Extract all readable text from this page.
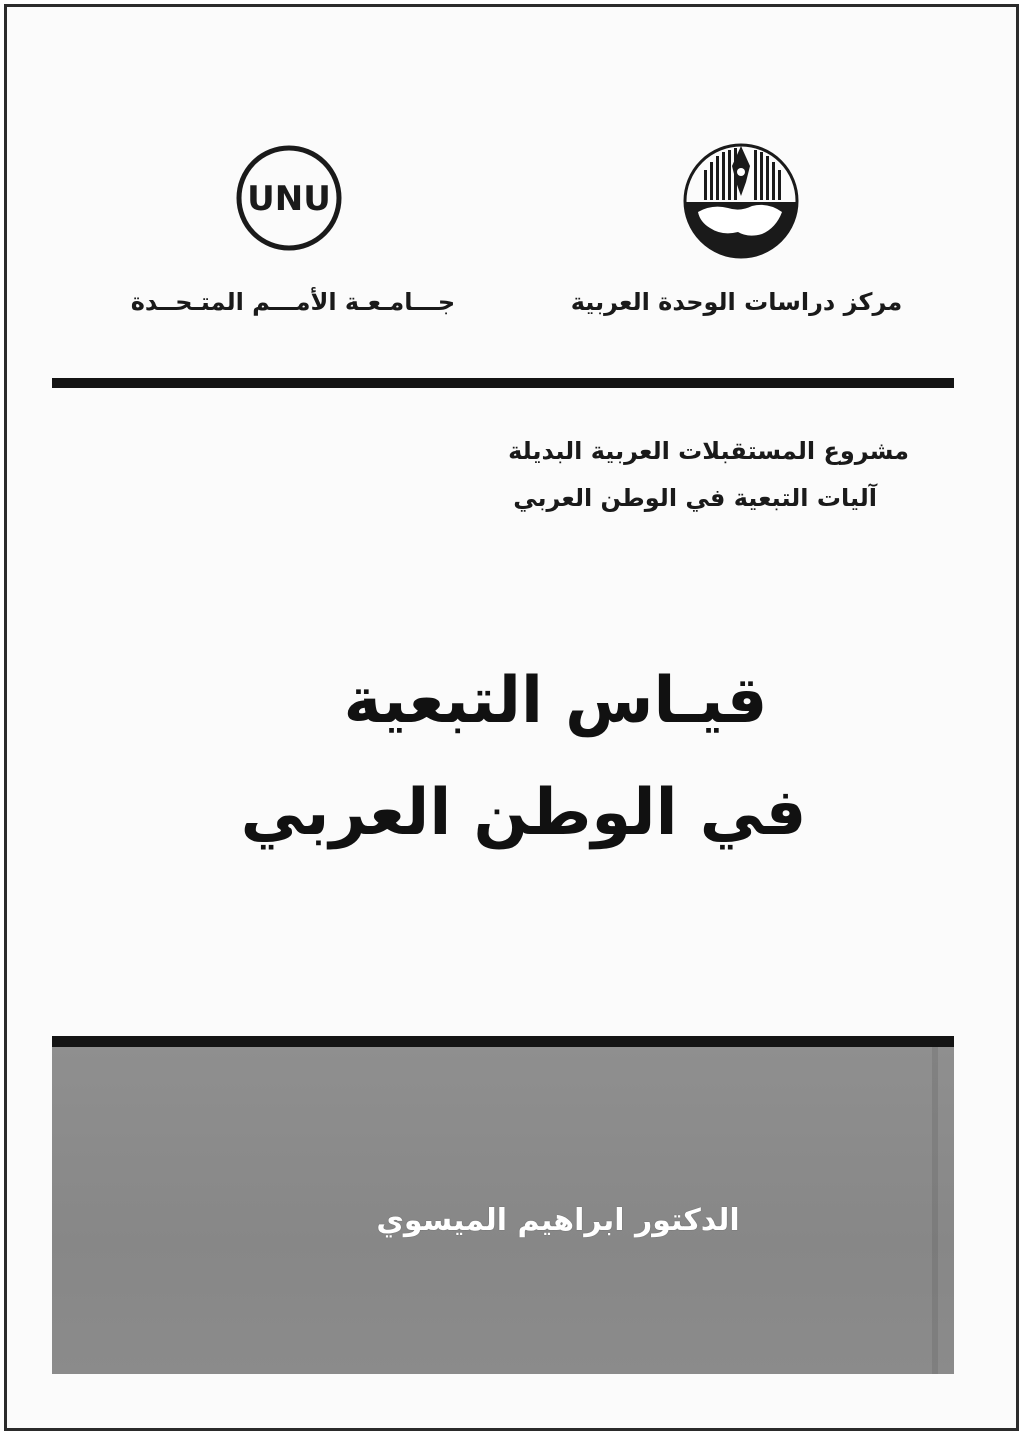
UNU
جـــامـعـة الأمـــم المتـحــدة	مركز دراسات الوحدة العربية
مشروع المستقبلات العربية البديلة
آليات التبعية في الوطن العربي
قيـاس التبعية
في الوطن العربي
الدكتور ابراهيم الميسوي
